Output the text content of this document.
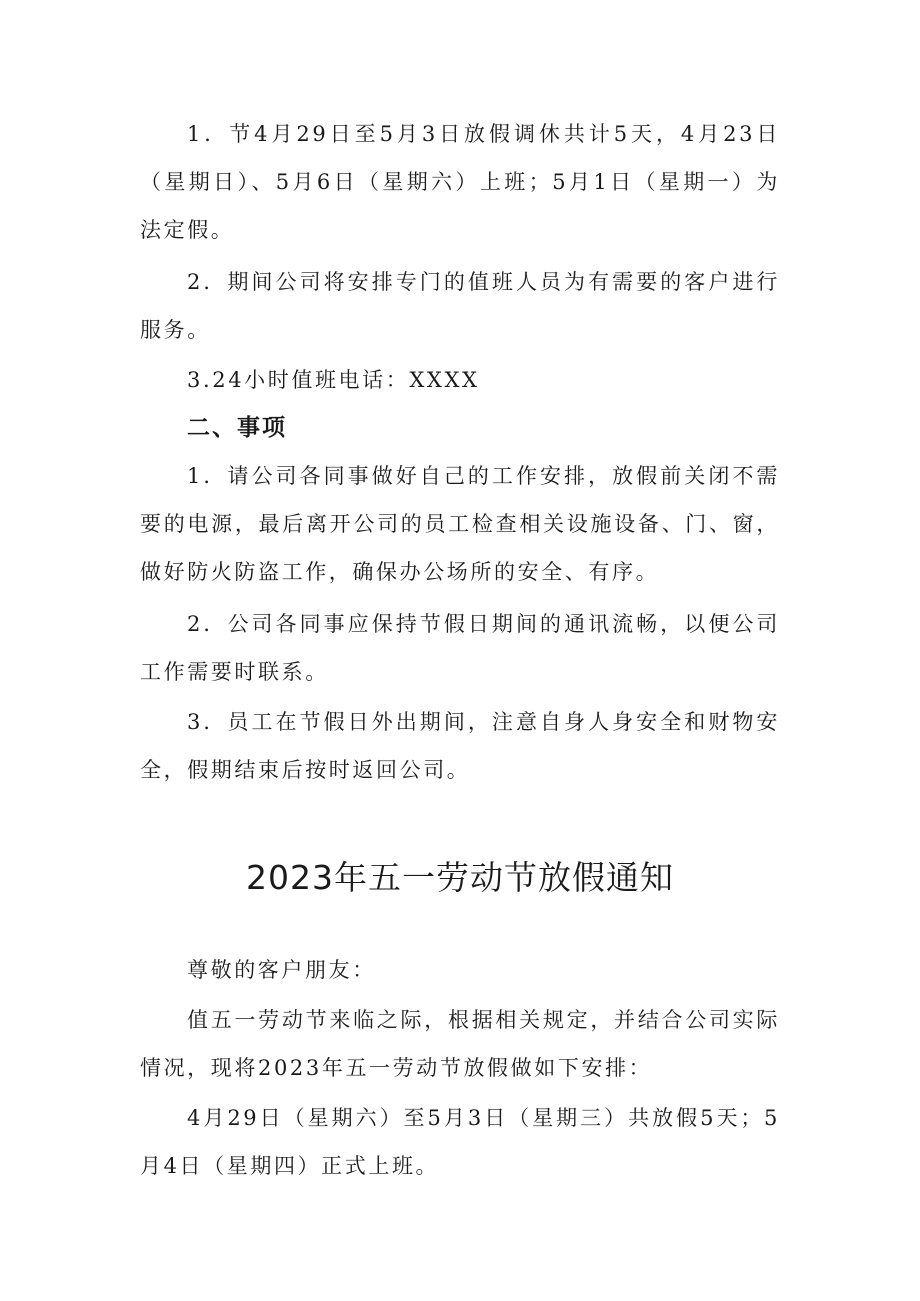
1．节4月29日至5月3日放假调休共计5天，4月23日（星期日）、5月6日（星期六）上班；5月1日（星期一）为法定假。

2．期间公司将安排专门的值班人员为有需要的客户进行服务。

3.24小时值班电话：XXXX

二、事项

1．请公司各同事做好自己的工作安排，放假前关闭不需要的电源，最后离开公司的员工检查相关设施设备、门、窗，做好防火防盗工作，确保办公场所的安全、有序。

2．公司各同事应保持节假日期间的通讯流畅，以便公司工作需要时联系。

3．员工在节假日外出期间，注意自身人身安全和财物安全，假期结束后按时返回公司。

2023年五一劳动节放假通知

尊敬的客户朋友：

值五一劳动节来临之际，根据相关规定，并结合公司实际情况，现将2023年五一劳动节放假做如下安排：

4月29日（星期六）至5月3日（星期三）共放假5天；5月4日（星期四）正式上班。
